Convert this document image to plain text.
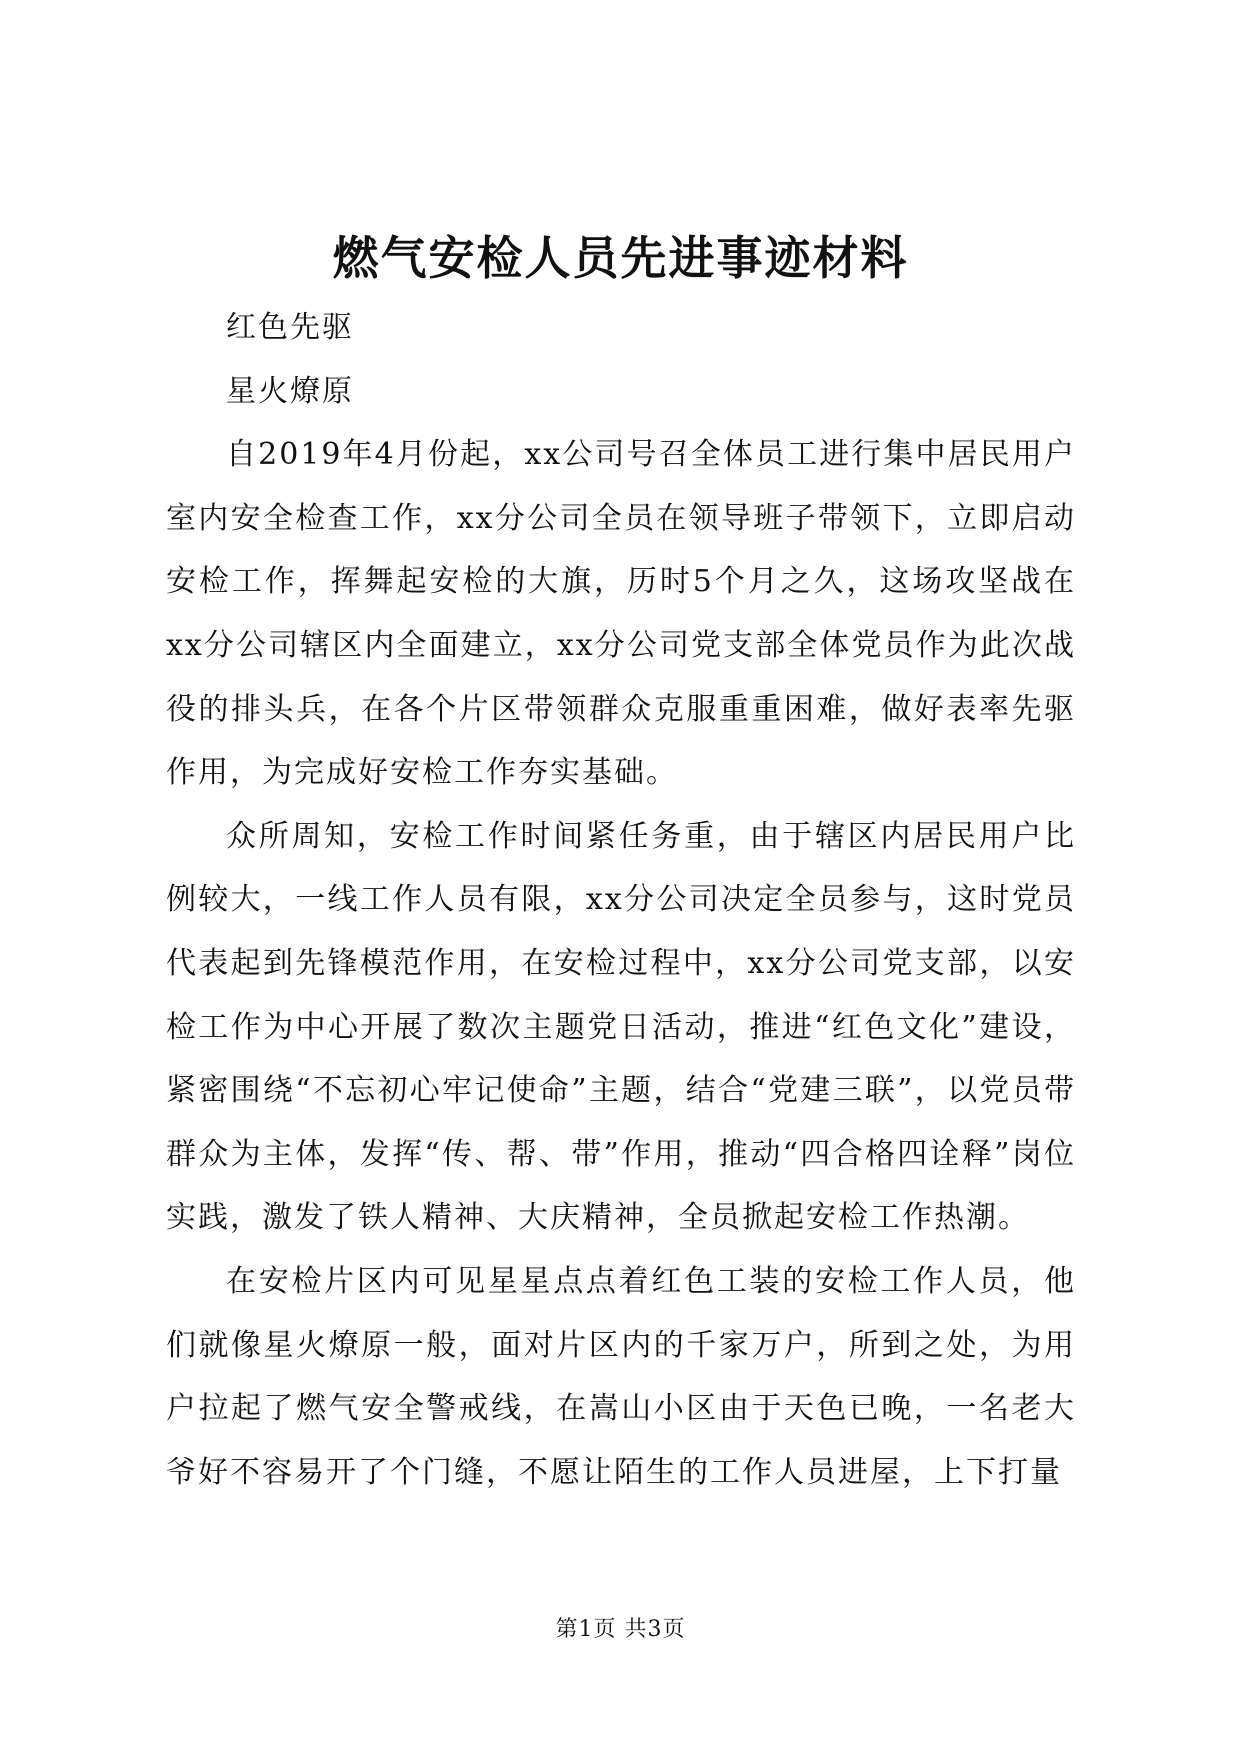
燃气安检人员先进事迹材料

红色先驱

星火燎原

自2019年4月份起，xx公司号召全体员工进行集中居民用户室内安全检查工作，xx分公司全员在领导班子带领下，立即启动安检工作，挥舞起安检的大旗，历时5个月之久，这场攻坚战在xx分公司辖区内全面建立，xx分公司党支部全体党员作为此次战役的排头兵，在各个片区带领群众克服重重困难，做好表率先驱作用，为完成好安检工作夯实基础。

众所周知，安检工作时间紧任务重，由于辖区内居民用户比例较大，一线工作人员有限，xx分公司决定全员参与，这时党员代表起到先锋模范作用，在安检过程中，xx分公司党支部，以安检工作为中心开展了数次主题党日活动，推进“红色文化”建设，紧密围绕“不忘初心牢记使命”主题，结合“党建三联”，以党员带群众为主体，发挥“传、帮、带”作用，推动“四合格四诠释”岗位实践，激发了铁人精神、大庆精神，全员掀起安检工作热潮。

在安检片区内可见星星点点着红色工装的安检工作人员，他们就像星火燎原一般，面对片区内的千家万户，所到之处，为用户拉起了燃气安全警戒线，在嵩山小区由于天色已晚，一名老大爷好不容易开了个门缝，不愿让陌生的工作人员进屋，上下打量

第1页 共3页
